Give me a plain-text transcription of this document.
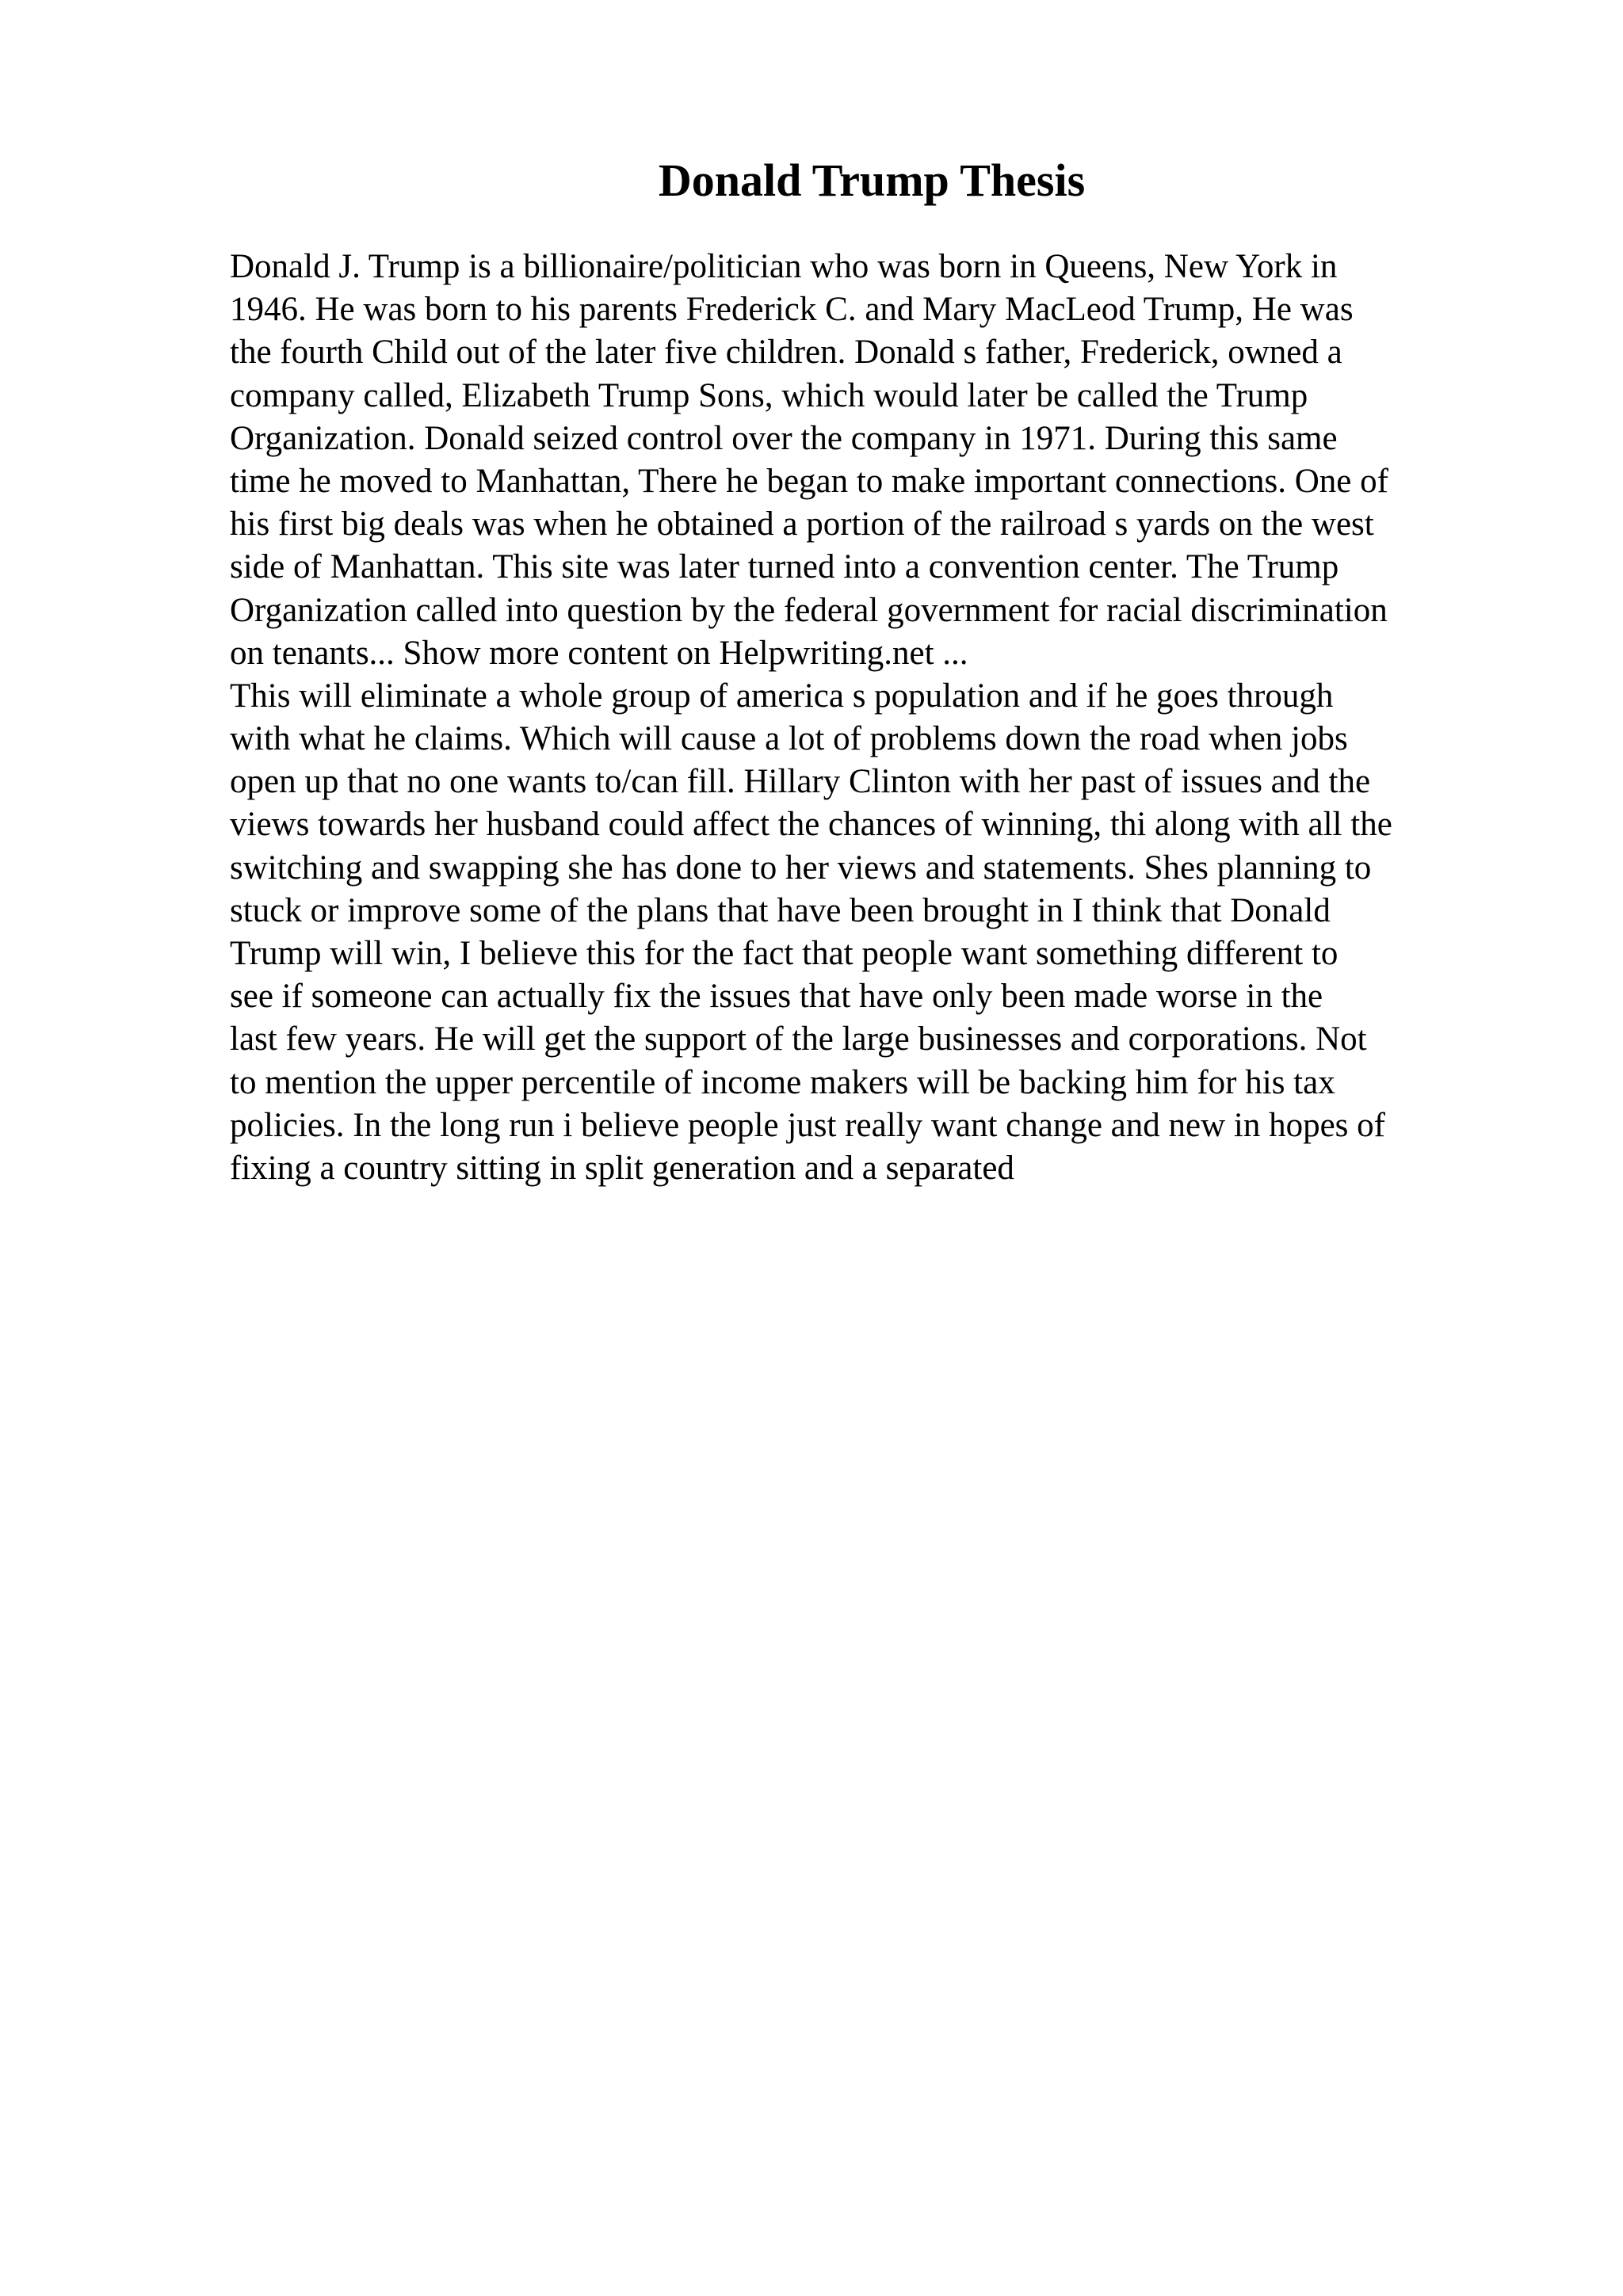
Donald Trump Thesis
Donald J. Trump is a billionaire/politician who was born in Queens, New York in
1946. He was born to his parents Frederick C. and Mary MacLeod Trump, He was
the fourth Child out of the later five children. Donald s father, Frederick, owned a
company called, Elizabeth Trump Sons, which would later be called the Trump
Organization. Donald seized control over the company in 1971. During this same
time he moved to Manhattan, There he began to make important connections. One of
his first big deals was when he obtained a portion of the railroad s yards on the west
side of Manhattan. This site was later turned into a convention center. The Trump
Organization called into question by the federal government for racial discrimination
on tenants... Show more content on Helpwriting.net ...
This will eliminate a whole group of america s population and if he goes through
with what he claims. Which will cause a lot of problems down the road when jobs
open up that no one wants to/can fill. Hillary Clinton with her past of issues and the
views towards her husband could affect the chances of winning, thi along with all the
switching and swapping she has done to her views and statements. Shes planning to
stuck or improve some of the plans that have been brought in I think that Donald
Trump will win, I believe this for the fact that people want something different to
see if someone can actually fix the issues that have only been made worse in the
last few years. He will get the support of the large businesses and corporations. Not
to mention the upper percentile of income makers will be backing him for his tax
policies. In the long run i believe people just really want change and new in hopes of
fixing a country sitting in split generation and a separated
